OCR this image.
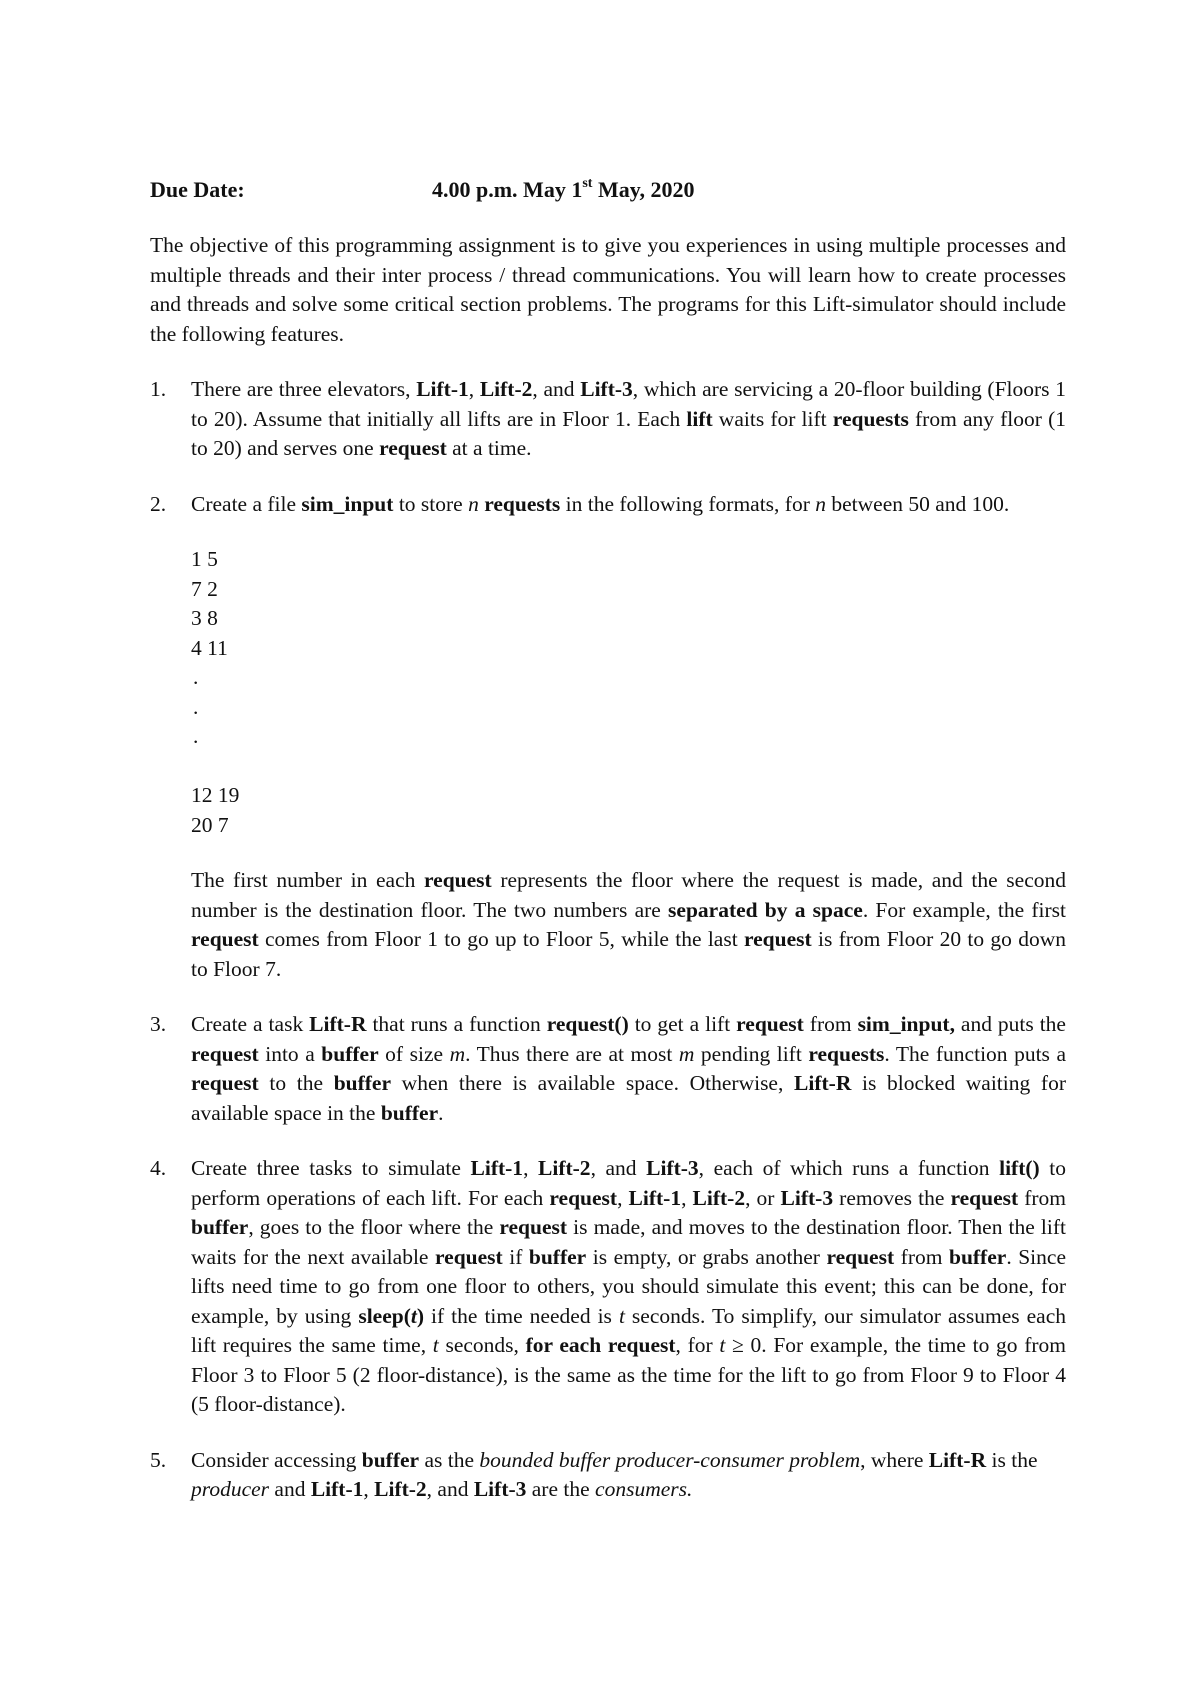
Due Date:	4.00 p.m. May 1st May, 2020

The objective of this programming assignment is to give you experiences in using multiple processes and multiple threads and their inter process / thread communications. You will learn how to create processes and threads and solve some critical section problems. The programs for this Lift-simulator should include the following features.

1. There are three elevators, Lift-1, Lift-2, and Lift-3, which are servicing a 20-floor building (Floors 1 to 20). Assume that initially all lifts are in Floor 1. Each lift waits for lift requests from any floor (1 to 20) and serves one request at a time.

2. Create a file sim_input to store n requests in the following formats, for n between 50 and 100.

1 5
7 2
3 8
4 11
.
.
.
12 19
20 7

The first number in each request represents the floor where the request is made, and the second number is the destination floor. The two numbers are separated by a space. For example, the first request comes from Floor 1 to go up to Floor 5, while the last request is from Floor 20 to go down to Floor 7.

3. Create a task Lift-R that runs a function request() to get a lift request from sim_input, and puts the request into a buffer of size m. Thus there are at most m pending lift requests. The function puts a request to the buffer when there is available space. Otherwise, Lift-R is blocked waiting for available space in the buffer.

4. Create three tasks to simulate Lift-1, Lift-2, and Lift-3, each of which runs a function lift() to perform operations of each lift. For each request, Lift-1, Lift-2, or Lift-3 removes the request from buffer, goes to the floor where the request is made, and moves to the destination floor. Then the lift waits for the next available request if buffer is empty, or grabs another request from buffer. Since lifts need time to go from one floor to others, you should simulate this event; this can be done, for example, by using sleep(t) if the time needed is t seconds. To simplify, our simulator assumes each lift requires the same time, t seconds, for each request, for t ≥ 0. For example, the time to go from Floor 3 to Floor 5 (2 floor-distance), is the same as the time for the lift to go from Floor 9 to Floor 4 (5 floor-distance).

5. Consider accessing buffer as the bounded buffer producer-consumer problem, where Lift-R is the producer and Lift-1, Lift-2, and Lift-3 are the consumers.
